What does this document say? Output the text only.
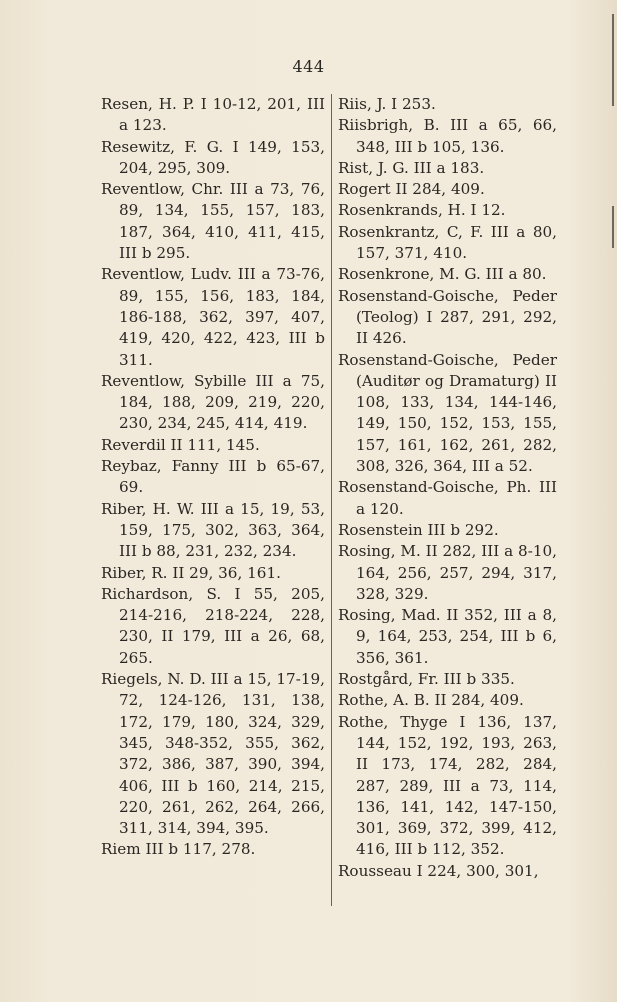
444
Resen, H. P. I 10-12, 201, III a 123.
Resewitz, F. G. I 149, 153, 204, 295, 309.
Reventlow, Chr. III a 73, 76, 89, 134, 155, 157, 183, 187, 364, 410, 411, 415, III b 295.
Reventlow, Ludv. III a 73-76, 89, 155, 156, 183, 184, 186-188, 362, 397, 407, 419, 420, 422, 423, III b 311.
Reventlow, Sybille III a 75, 184, 188, 209, 219, 220, 230, 234, 245, 414, 419.
Reverdil II 111, 145.
Reybaz, Fanny III b 65-67, 69.
Riber, H. W. III a 15, 19, 53, 159, 175, 302, 363, 364, III b 88, 231, 232, 234.
Riber, R. II 29, 36, 161.
Richardson, S. I 55, 205, 214-216, 218-224, 228, 230, II 179, III a 26, 68, 265.
Riegels, N. D. III a 15, 17-19, 72, 124-126, 131, 138, 172, 179, 180, 324, 329, 345, 348-352, 355, 362, 372, 386, 387, 390, 394, 406, III b 160, 214, 215, 220, 261, 262, 264, 266, 311, 314, 394, 395.
Riem III b 117, 278.
Riis, J. I 253.
Riisbrigh, B. III a 65, 66, 348, III b 105, 136.
Rist, J. G. III a 183.
Rogert II 284, 409.
Rosenkrands, H. I 12.
Rosenkrantz, C, F. III a 80, 157, 371, 410.
Rosenkrone, M. G. III a 80.
Rosenstand-Goische, Peder (Teolog) I 287, 291, 292, II 426.
Rosenstand-Goische, Peder (Auditør og Dramaturg) II 108, 133, 134, 144-146, 149, 150, 152, 153, 155, 157, 161, 162, 261, 282, 308, 326, 364, III a 52.
Rosenstand-Goische, Ph. III a 120.
Rosenstein III b 292.
Rosing, M. II 282, III a 8-10, 164, 256, 257, 294, 317, 328, 329.
Rosing, Mad. II 352, III a 8, 9, 164, 253, 254, III b 6, 356, 361.
Rostgård, Fr. III b 335.
Rothe, A. B. II 284, 409.
Rothe, Thyge I 136, 137, 144, 152, 192, 193, 263, II 173, 174, 282, 284, 287, 289, III a 73, 114, 136, 141, 142, 147-150, 301, 369, 372, 399, 412, 416, III b 112, 352.
Rousseau I 224, 300, 301,
